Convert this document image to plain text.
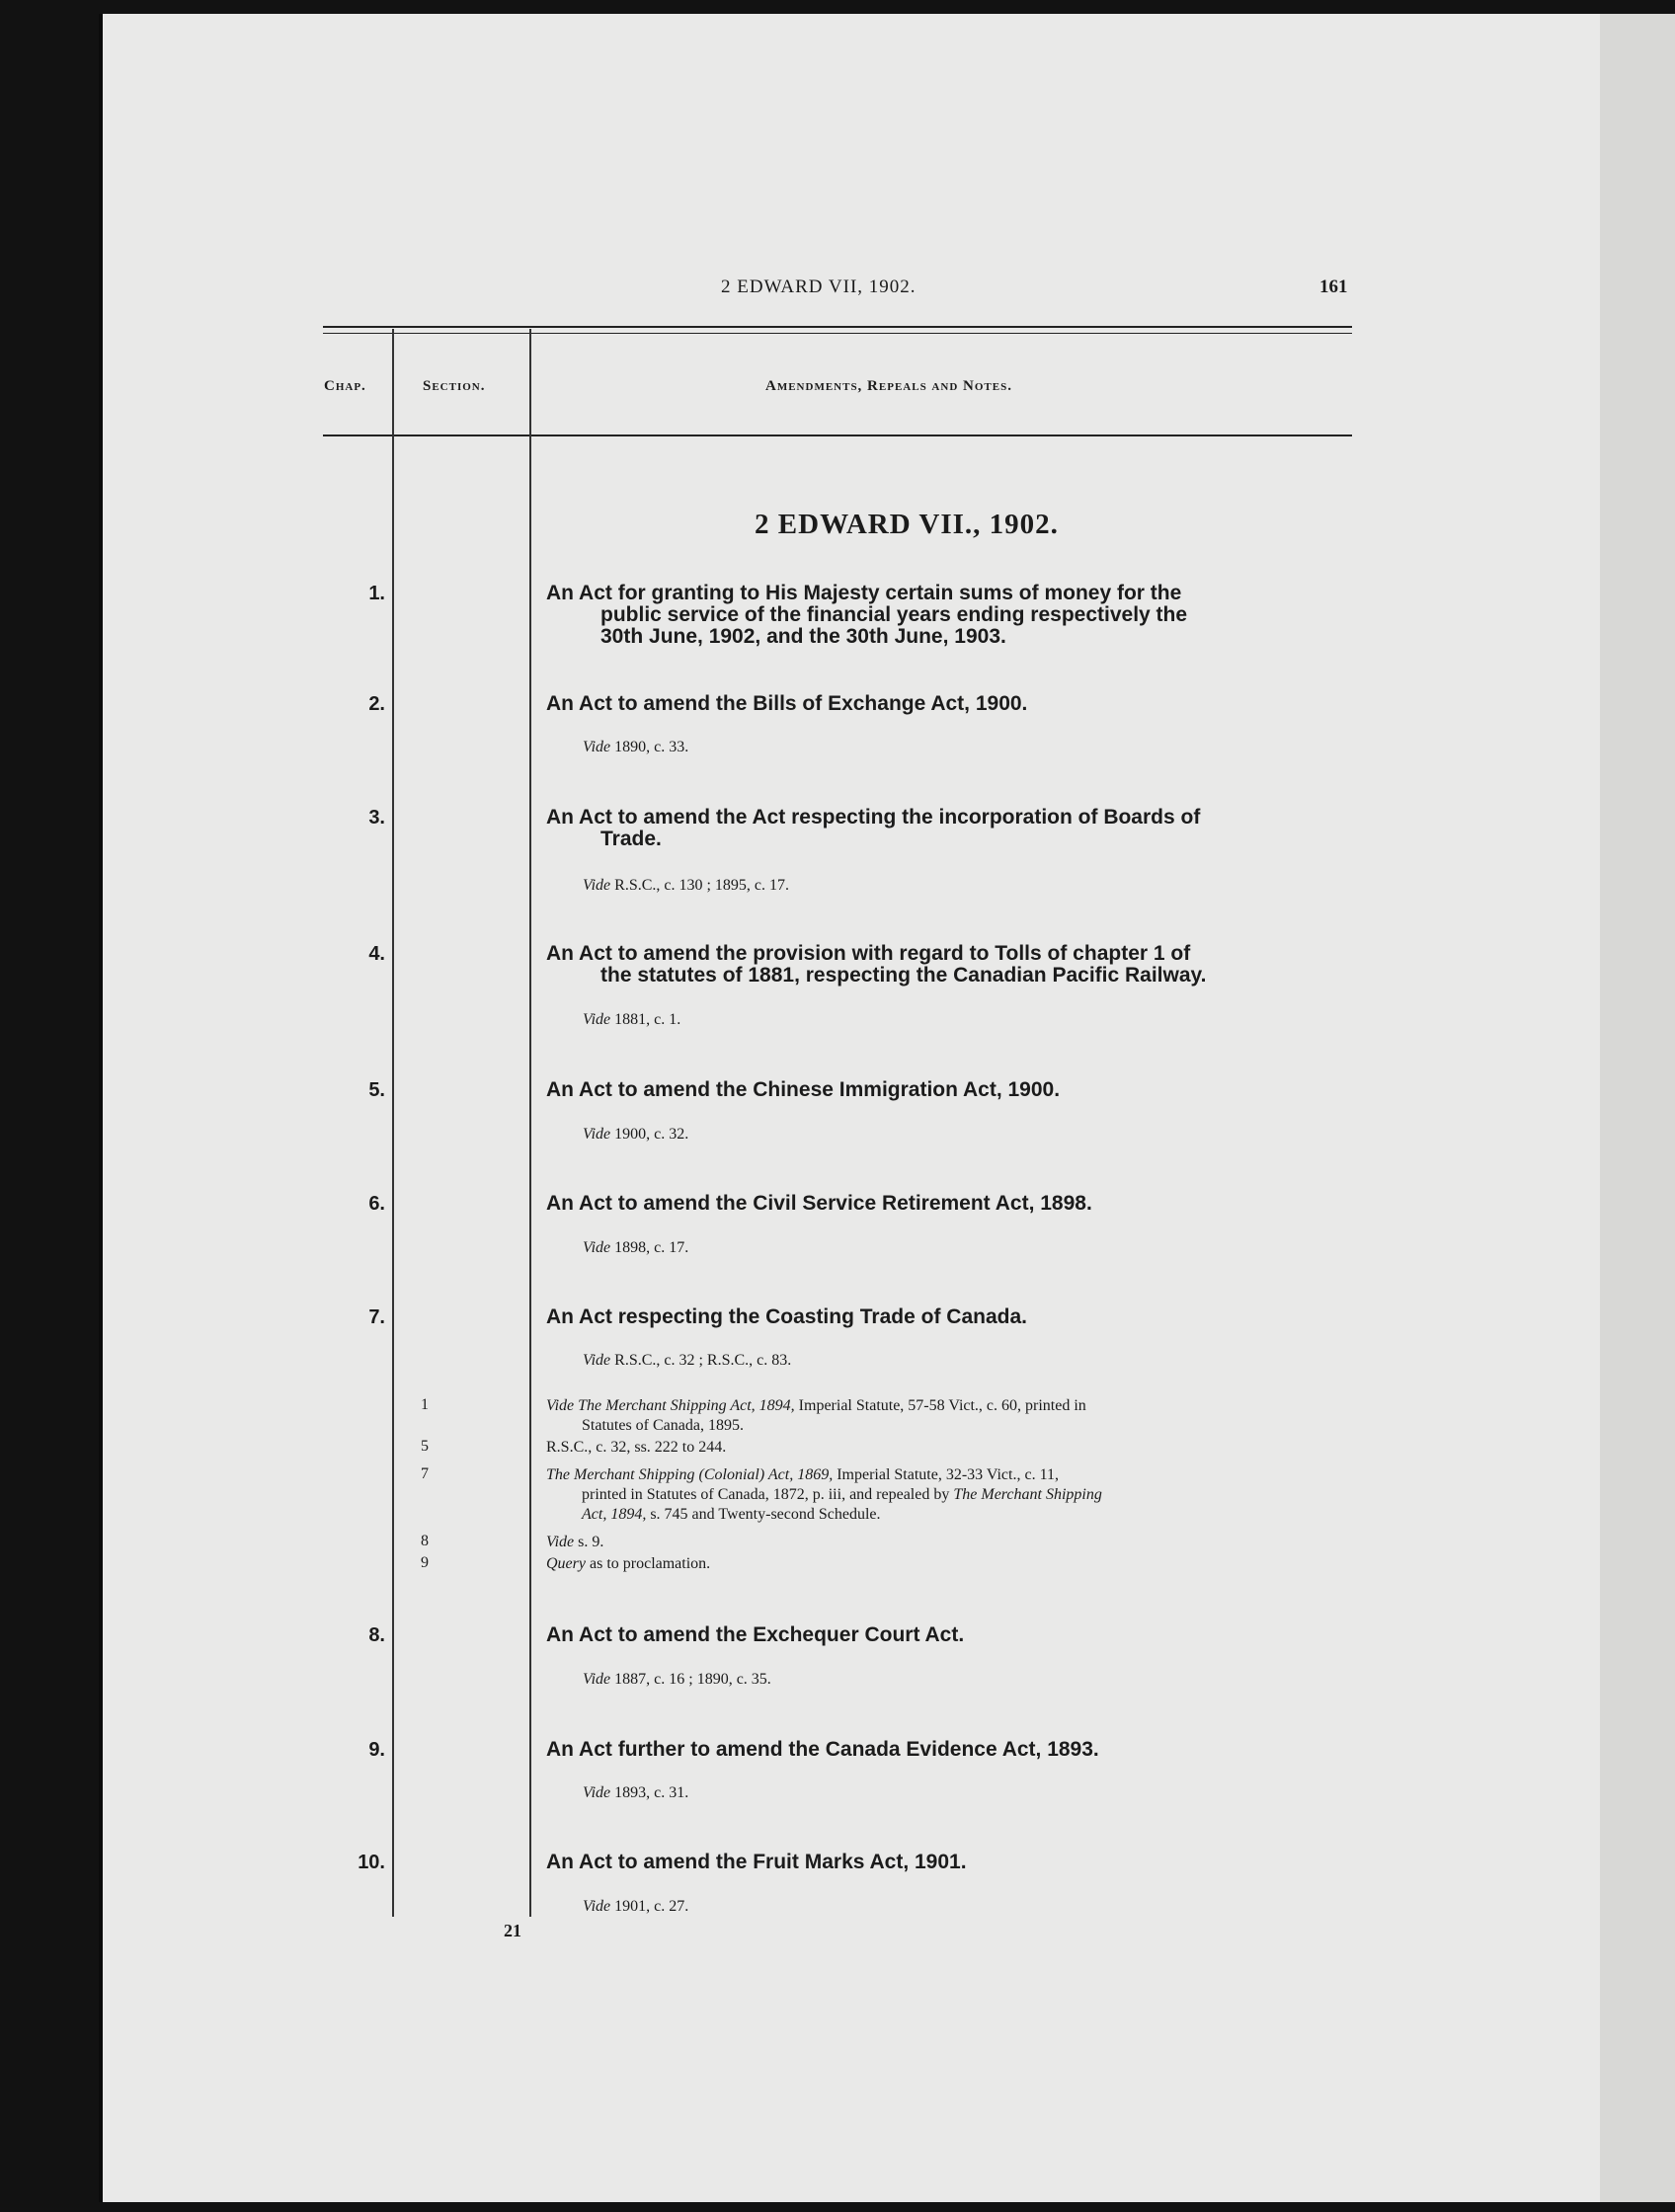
2 EDWARD VII, 1902.	161
Chap.	Section.	Amendments, Repeals and Notes.
2 EDWARD VII., 1902.
1.	An Act for granting to His Majesty certain sums of money for the
public service of the financial years ending respectively the
30th June, 1902, and the 30th June, 1903.
2.	An Act to amend the Bills of Exchange Act, 1900.
Vide 1890, c. 33.
3.	An Act to amend the Act respecting the incorporation of Boards of
Trade.
Vide R.S.C., c. 130 ; 1895, c. 17.
4.	An Act to amend the provision with regard to Tolls of chapter 1 of
the statutes of 1881, respecting the Canadian Pacific Railway.
Vide 1881, c. 1.
5.	An Act to amend the Chinese Immigration Act, 1900.
Vide 1900, c. 32.
6.	An Act to amend the Civil Service Retirement Act, 1898.
Vide 1898, c. 17.
7.	An Act respecting the Coasting Trade of Canada.
Vide R.S.C., c. 32 ; R.S.C., c. 83.
1	Vide The Merchant Shipping Act, 1894, Imperial Statute, 57-58 Vict., c. 60, printed in
Statutes of Canada, 1895.
5	R.S.C., c. 32, ss. 222 to 244.
7	The Merchant Shipping (Colonial) Act, 1869, Imperial Statute, 32-33 Vict., c. 11,
printed in Statutes of Canada, 1872, p. iii, and repealed by The Merchant Shipping
Act, 1894, s. 745 and Twenty-second Schedule.
8	Vide s. 9.
9	Query as to proclamation.
8.	An Act to amend the Exchequer Court Act.
Vide 1887, c. 16 ; 1890, c. 35.
9.	An Act further to amend the Canada Evidence Act, 1893.
Vide 1893, c. 31.
10.	An Act to amend the Fruit Marks Act, 1901.
Vide 1901, c. 27.
21
